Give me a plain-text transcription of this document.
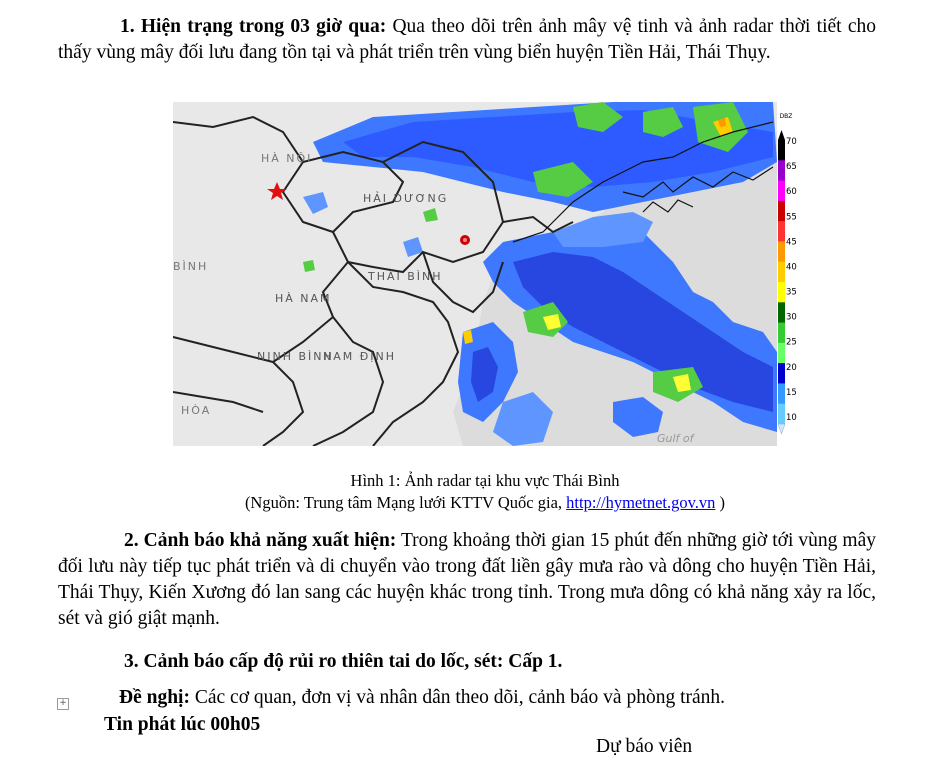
1. Hiện trạng trong 03 giờ qua: Qua theo dõi trên ảnh mây vệ tinh và ảnh radar thời tiết cho thấy vùng mây đối lưu đang tồn tại và phát triển trên vùng biển huyện Tiền Hải, Thái Thụy.

HÀ NỘI
HẢI DƯƠNG
THÁI BÌNH
HÀ NAM
NINH BÌNH
NAM ĐỊNH
HÒA
BÌNH
Gulf of
DBZ
70
65
60
55
45
40
35
30
25
20
15
10
Hình 1: Ảnh radar tại khu vực Thái Bình
(Nguồn: Trung tâm Mạng lưới KTTV Quốc gia, http://hymetnet.gov.vn )

2. Cảnh báo khả năng xuất hiện: Trong khoảng thời gian 15 phút đến những giờ tới vùng mây đối lưu này tiếp tục phát triển và di chuyển vào trong đất liền gây mưa rào và dông cho huyện Tiền Hải, Thái Thụy, Kiến Xương đó lan sang các huyện khác trong tỉnh. Trong mưa dông có khả năng xảy ra lốc, sét và gió giật mạnh.

3. Cảnh báo cấp độ rủi ro thiên tai do lốc, sét: Cấp 1.

+	Đề nghị: Các cơ quan, đơn vị và nhân dân theo dõi, cảnh báo và phòng tránh.

Tin phát lúc 00h05

Dự báo viên
